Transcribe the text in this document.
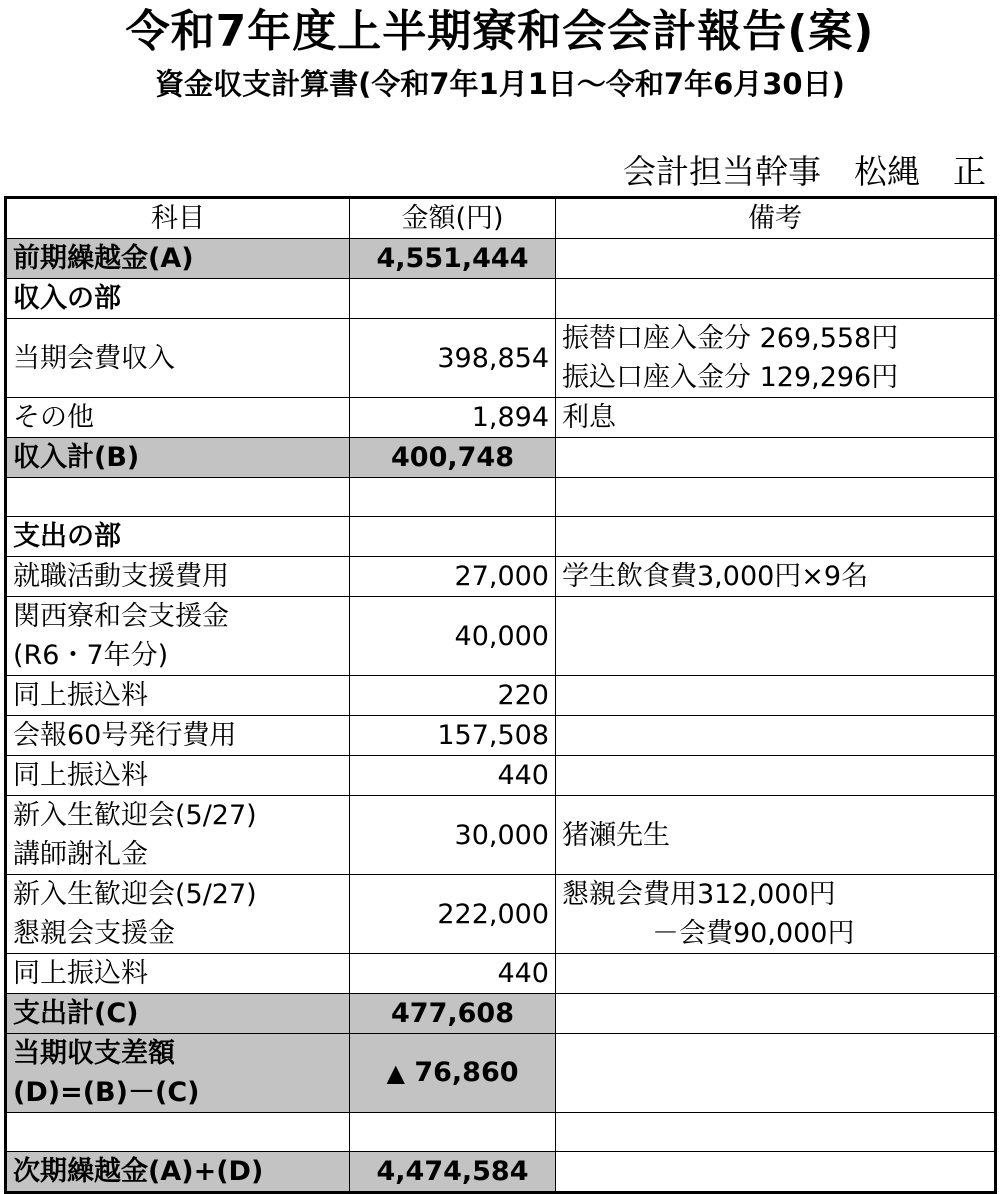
令和7年度上半期寮和会会計報告(案)
資金収支計算書(令和7年1月1日～令和7年6月30日)
会計担当幹事　松縄　正
科目	金額(円)	備考
前期繰越金(A)	4,551,444	
収入の部		
当期会費収入	398,854	振替口座入金分 269,558円
振込口座入金分 129,296円

その他	1,894	利息
収入計(B)	400,748	

支出の部		
就職活動支援費用	27,000	学生飲食費3,000円×9名

関西寮和会支援金
(R6・7年分)	40,000	
同上振込料	220	
会報60号発行費用	157,508	
同上振込料	440	

新入生歓迎会(5/27)
講師謝礼金	30,000	猪瀬先生

新入生歓迎会(5/27)
懇親会支援金	222,000	懇親会費用312,000円
－会費90,000円

同上振込料	440	
支出計(C)	477,608	

当期収支差額
(D)=(B)－(C)	▲ 76,860	

次期繰越金(A)+(D)	4,474,584	
